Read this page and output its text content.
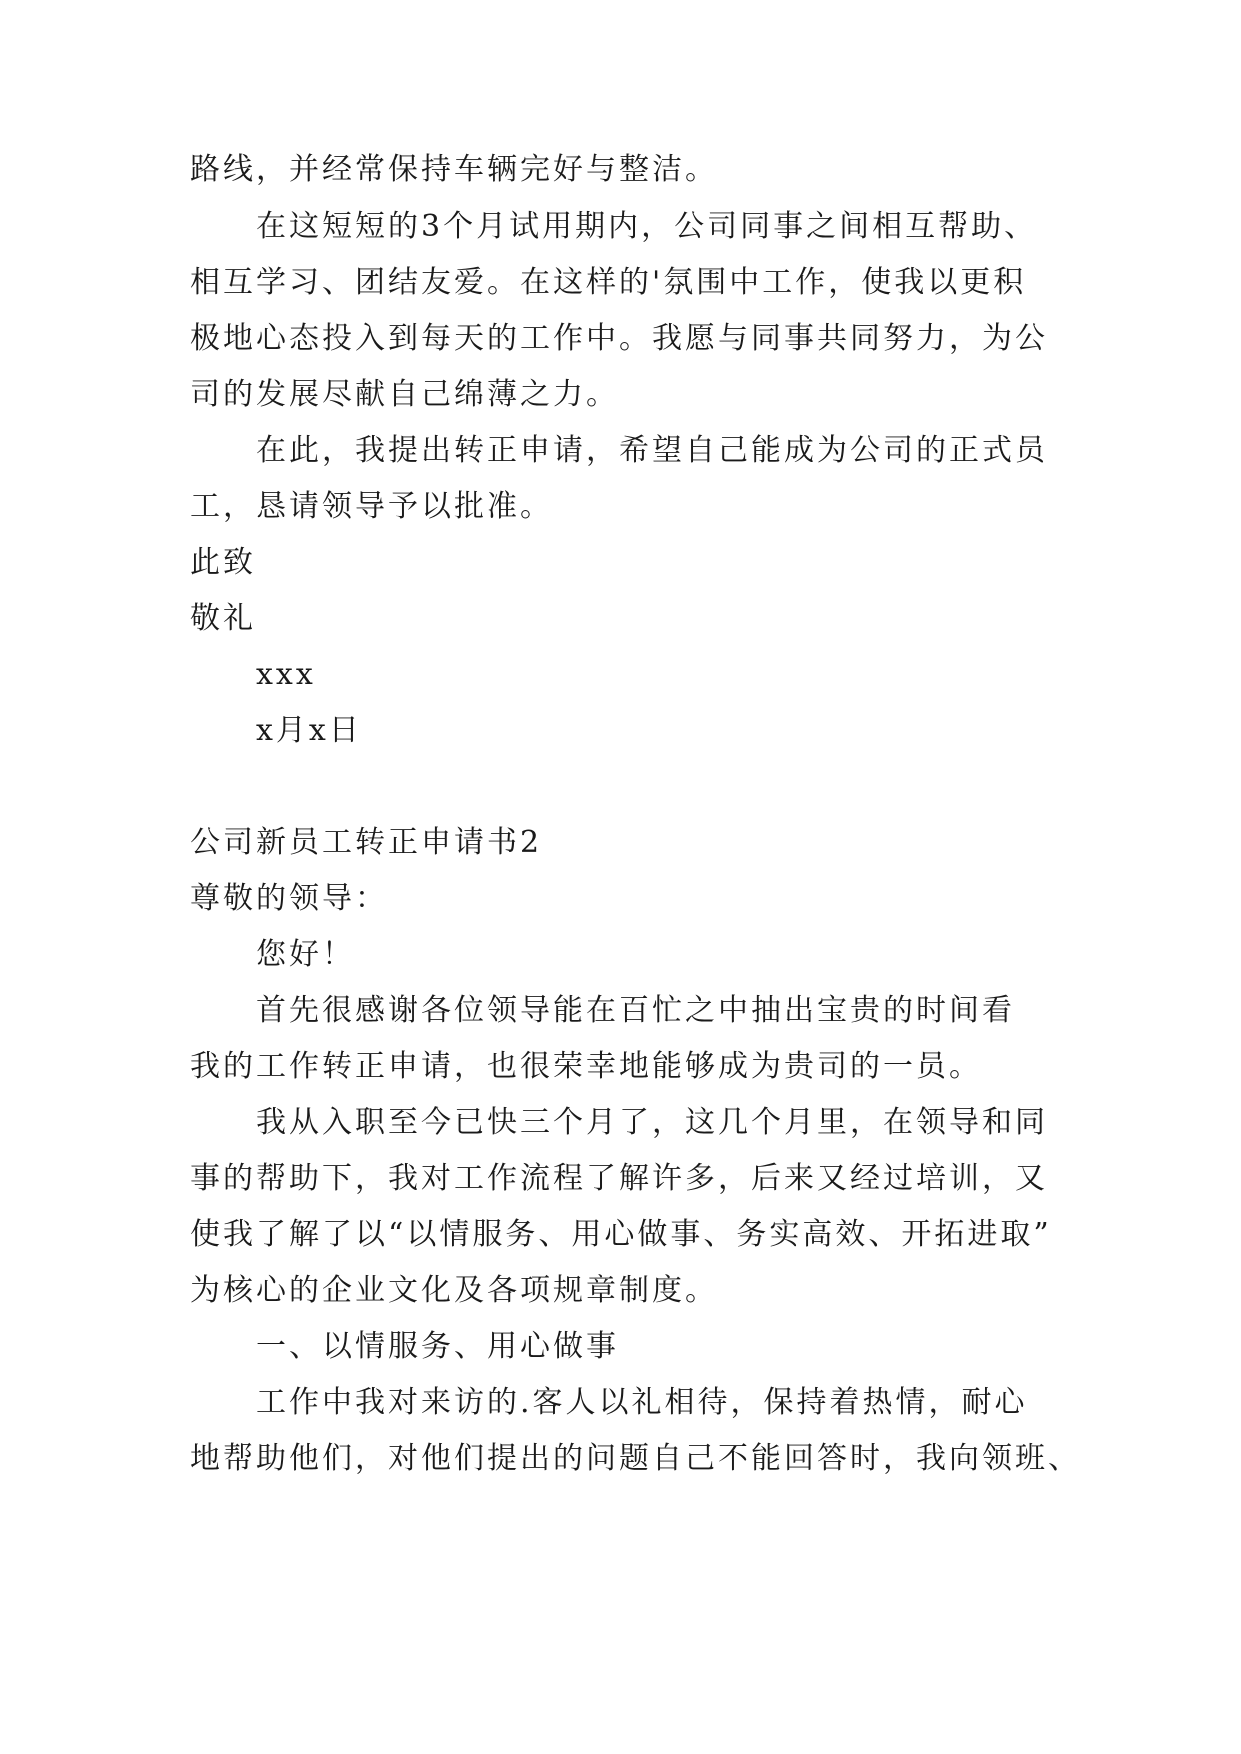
路线，并经常保持车辆完好与整洁。
在这短短的3个月试用期内，公司同事之间相互帮助、
相互学习、团结友爱。在这样的'氛围中工作，使我以更积
极地心态投入到每天的工作中。我愿与同事共同努力，为公
司的发展尽献自己绵薄之力。
在此，我提出转正申请，希望自己能成为公司的正式员
工，恳请领导予以批准。
此致
敬礼
xxx
x月x日
公司新员工转正申请书2
尊敬的领导：
您好！
首先很感谢各位领导能在百忙之中抽出宝贵的时间看
我的工作转正申请，也很荣幸地能够成为贵司的一员。
我从入职至今已快三个月了，这几个月里，在领导和同
事的帮助下，我对工作流程了解许多，后来又经过培训，又
使我了解了以“以情服务、用心做事、务实高效、开拓进取”
为核心的企业文化及各项规章制度。
一、以情服务、用心做事
工作中我对来访的.客人以礼相待，保持着热情，耐心
地帮助他们，对他们提出的问题自己不能回答时，我向领班、
